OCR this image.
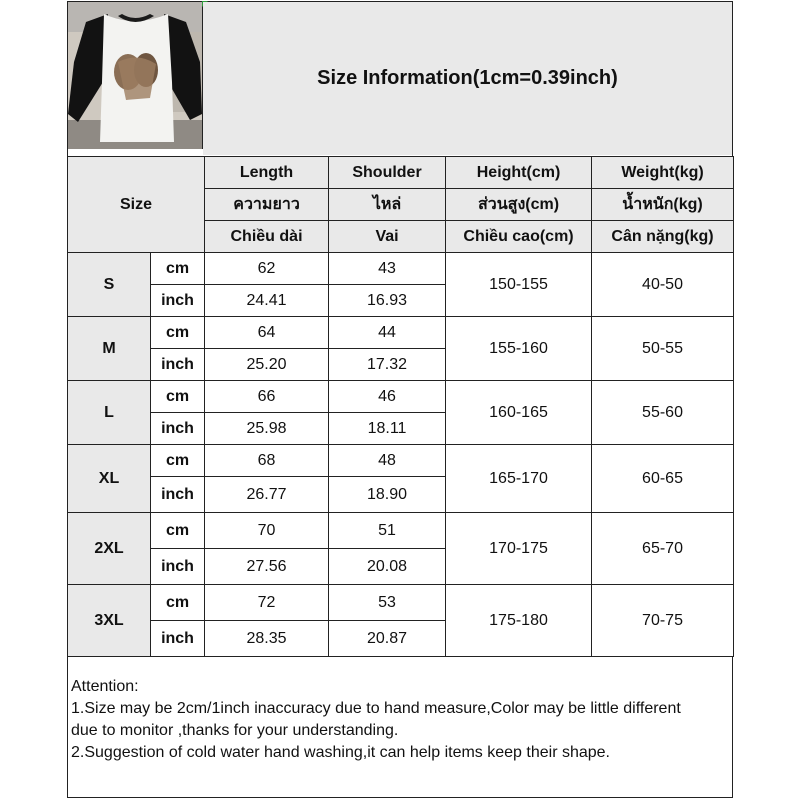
Size Information(1cm=0.39inch)
Size		Length	Shoulder	Height(cm)	Weight(kg)
		ความยาว	ไหล่	ส่วนสูง(cm)	น้ำหนัก(kg)
		Chiều dài	Vai	Chiều cao(cm)	Cân nặng(kg)
S	cm	62	43	150-155	40-50
	inch	24.41	16.93		
M	cm	64	44	155-160	50-55
	inch	25.20	17.32		
L	cm	66	46	160-165	55-60
	inch	25.98	18.11		
XL	cm	68	48	165-170	60-65
	inch	26.77	18.90		
2XL	cm	70	51	170-175	65-70
	inch	27.56	20.08		
3XL	cm	72	53	175-180	70-75
	inch	28.35	20.87		
Attention:
1.Size may be 2cm/1inch inaccuracy due to hand measure,Color may be little different
due to monitor ,thanks for your understanding.
2.Suggestion of cold water hand washing,it can help items keep their shape.
